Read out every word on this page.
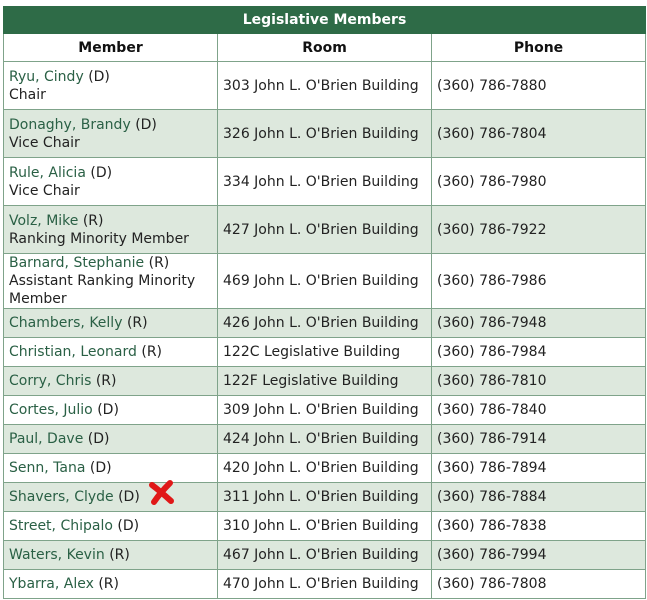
Legislative Members		
Member	Room	Phone
Ryu, Cindy (D)
Chair	303 John L. O'Brien Building	(360) 786-7880
Donaghy, Brandy (D)
Vice Chair	326 John L. O'Brien Building	(360) 786-7804
Rule, Alicia (D)
Vice Chair	334 John L. O'Brien Building	(360) 786-7980
Volz, Mike (R)
Ranking Minority Member	427 John L. O'Brien Building	(360) 786-7922
Barnard, Stephanie (R)
Assistant Ranking Minority Member	469 John L. O'Brien Building	(360) 786-7986
Chambers, Kelly (R)	426 John L. O'Brien Building	(360) 786-7948
Christian, Leonard (R)	122C Legislative Building	(360) 786-7984
Corry, Chris (R)	122F Legislative Building	(360) 786-7810
Cortes, Julio (D)	309 John L. O'Brien Building	(360) 786-7840
Paul, Dave (D)	424 John L. O'Brien Building	(360) 786-7914
Senn, Tana (D)	420 John L. O'Brien Building	(360) 786-7894
Shavers, Clyde (D)	311 John L. O'Brien Building	(360) 786-7884
Street, Chipalo (D)	310 John L. O'Brien Building	(360) 786-7838
Waters, Kevin (R)	467 John L. O'Brien Building	(360) 786-7994
Ybarra, Alex (R)	470 John L. O'Brien Building	(360) 786-7808
